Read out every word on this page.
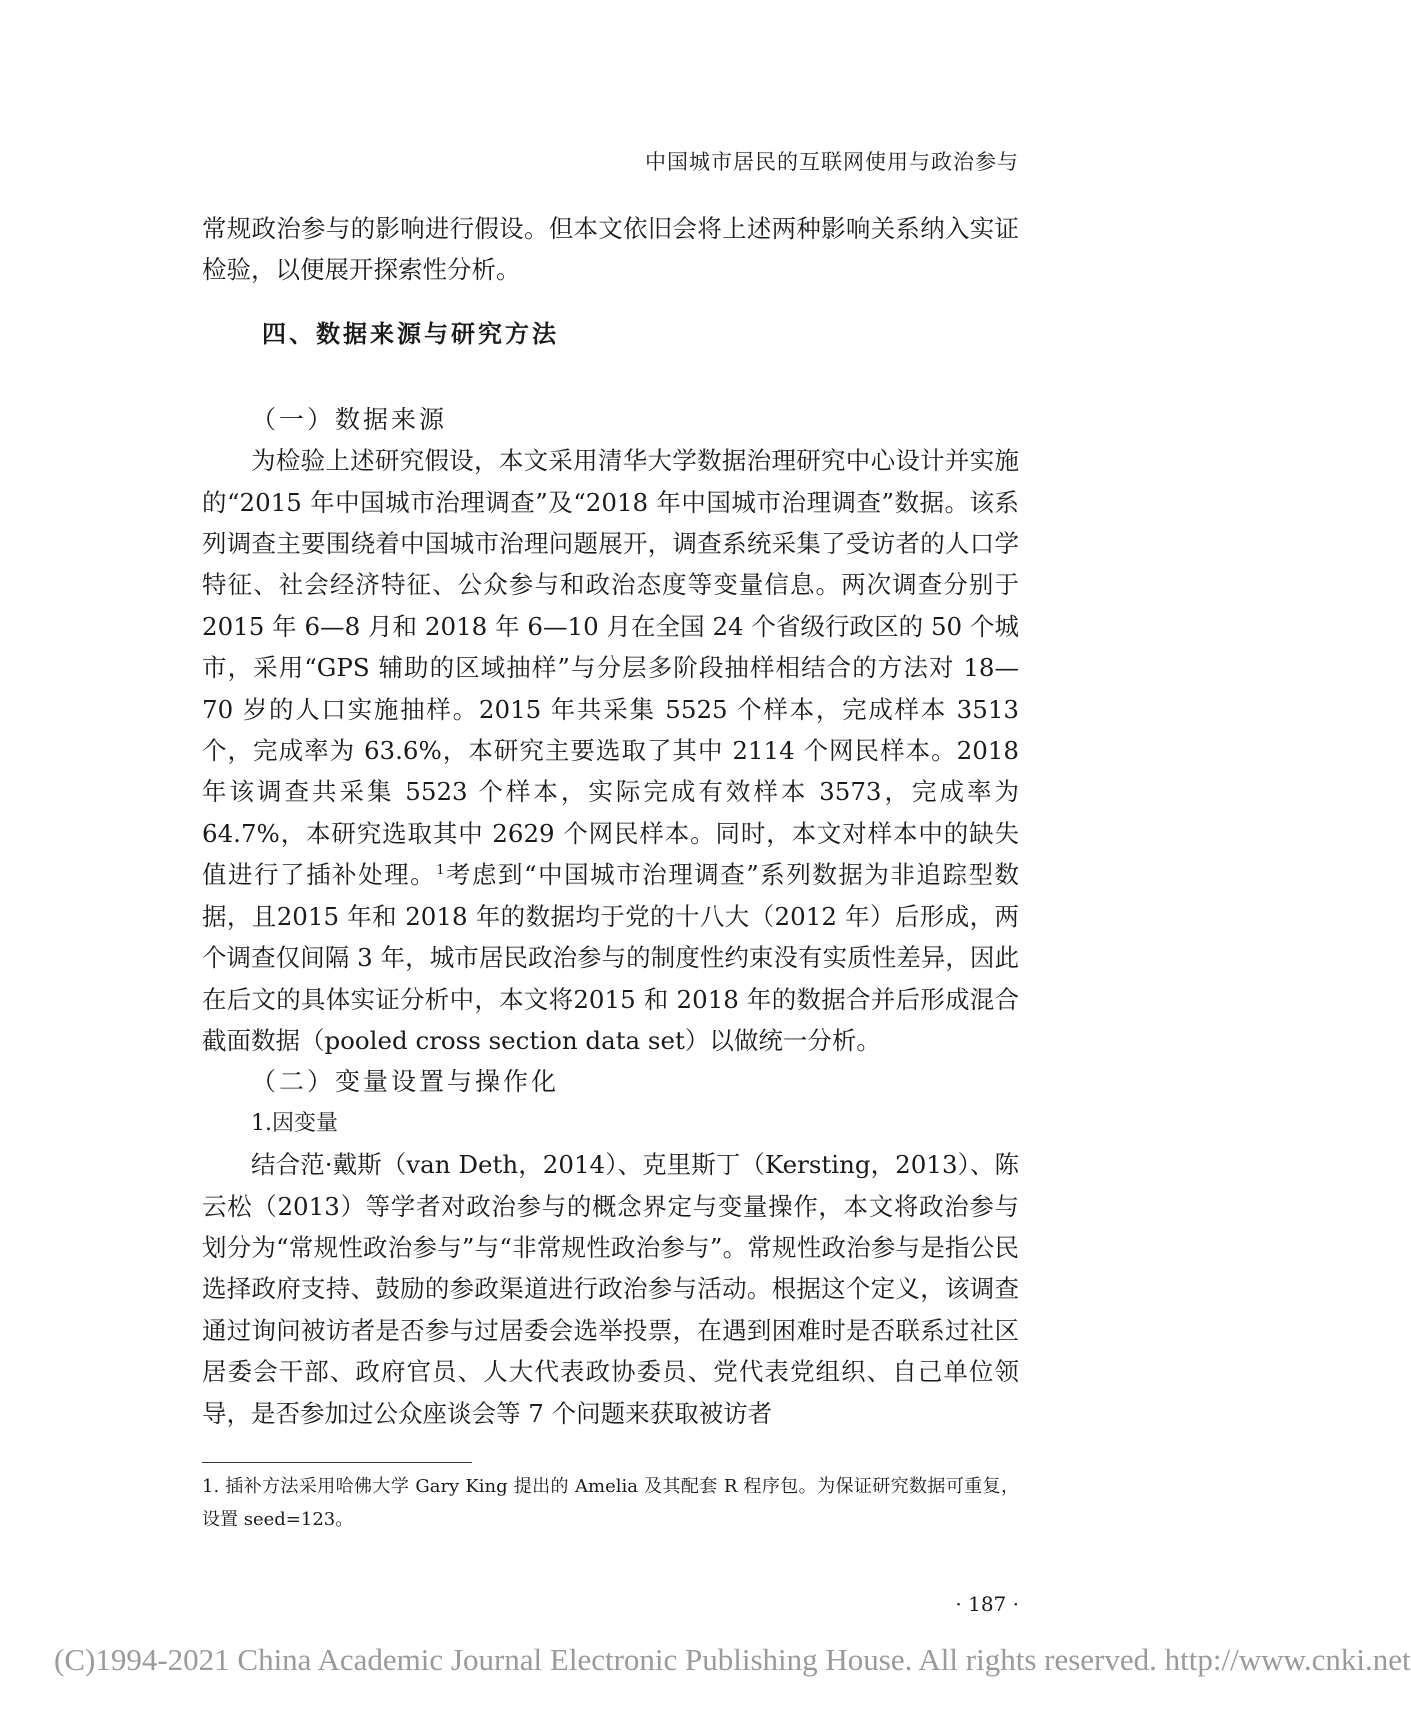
中国城市居民的互联网使用与政治参与

常规政治参与的影响进行假设。但本文依旧会将上述两种影响关系纳入实证检验，以便展开探索性分析。

（一）数据来源

为检验上述研究假设，本文采用清华大学数据治理研究中心设计并实施的“2015 年中国城市治理调查”及“2018 年中国城市治理调查”数据。该系列调查主要围绕着中国城市治理问题展开，调查系统采集了受访者的人口学特征、社会经济特征、公众参与和政治态度等变量信息。两次调查分别于 2015 年 6—8 月和 2018 年 6—10 月在全国 24 个省级行政区的 50 个城市，采用“GPS 辅助的区域抽样”与分层多阶段抽样相结合的方法对 18—70 岁的人口实施抽样。2015 年共采集 5525 个样本，完成样本 3513 个，完成率为 63.6%，本研究主要选取了其中 2114 个网民样本。2018 年该调查共采集 5523 个样本，实际完成有效样本 3573，完成率为 64.7%，本研究选取其中 2629 个网民样本。同时，本文对样本中的缺失值进行了插补处理。$^1$考虑到“中国城市治理调查”系列数据为非追踪型数据，且2015 年和 2018 年的数据均于党的十八大（2012 年）后形成，两个调查仅间隔 3 年，城市居民政治参与的制度性约束没有实质性差异，因此在后文的具体实证分析中，本文将2015 和 2018 年的数据合并后形成混合截面数据（pooled cross section data set）以做统一分析。

（二）变量设置与操作化

1.因变量

结合范·戴斯（van Deth，2014）、克里斯丁（Kersting，2013）、陈云松（2013）等学者对政治参与的概念界定与变量操作，本文将政治参与划分为“常规性政治参与”与“非常规性政治参与”。常规性政治参与是指公民选择政府支持、鼓励的参政渠道进行政治参与活动。根据这个定义，该调查通过询问被访者是否参与过居委会选举投票，在遇到困难时是否联系过社区居委会干部、政府官员、人大代表政协委员、党代表党组织、自己单位领导，是否参加过公众座谈会等 7 个问题来获取被访者

四、数据来源与研究方法
1. 插补方法采用哈佛大学 Gary King 提出的 Amelia 及其配套 R 程序包。为保证研究数据可重复，设置 seed=123。
· 187 ·
(C)1994-2021 China Academic Journal Electronic Publishing House. All rights reserved. http://www.cnki.net
